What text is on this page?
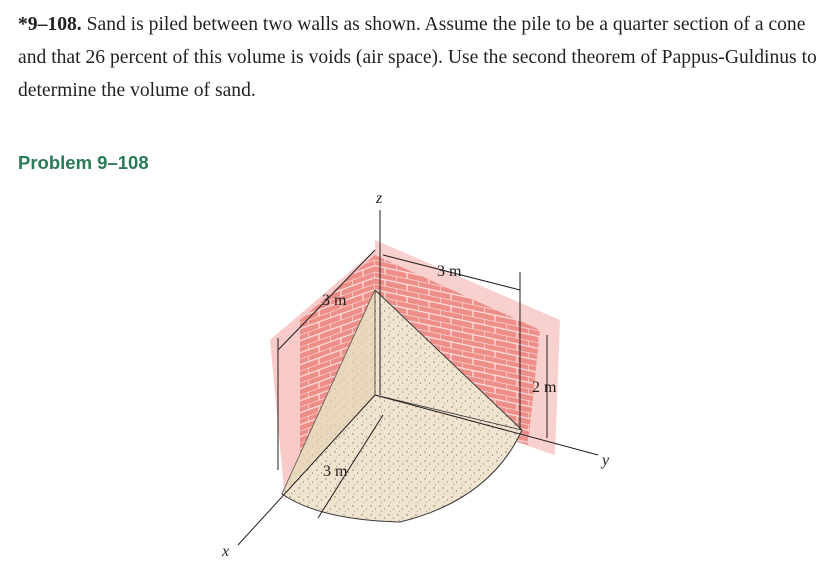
*9–108. Sand is piled between two walls as shown. Assume the pile to be a quarter section of a cone and that 26 percent of this volume is voids (air space). Use the second theorem of Pappus-Guldinus to determine the volume of sand.

Problem 9–108
z
y
x
3 m
3 m
2 m
3 m
